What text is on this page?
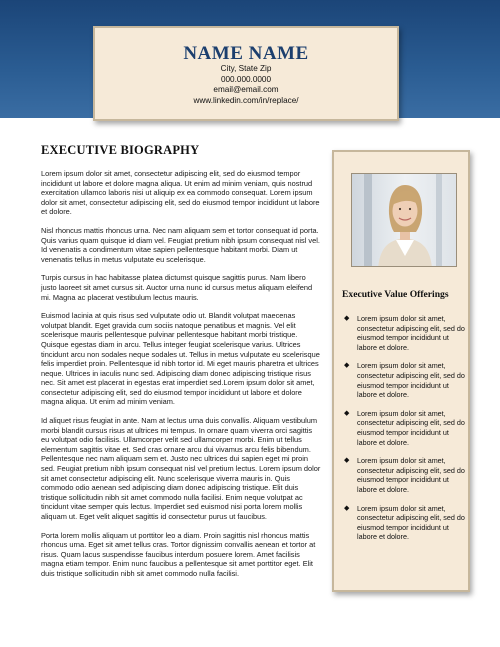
NAME NAME
City, State Zip
000.000.0000
email@email.com
www.linkedin.com/in/replace/
EXECUTIVE BIOGRAPHY

Lorem ipsum dolor sit amet, consectetur adipiscing elit, sed do eiusmod tempor incididunt ut labore et dolore magna aliqua. Ut enim ad minim veniam, quis nostrud exercitation ullamco laboris nisi ut aliquip ex ea commodo consequat. Lorem ipsum dolor sit amet, consectetur adipiscing elit, sed do eiusmod tempor incididunt ut labore et dolore.

Nisl rhoncus mattis rhoncus urna. Nec nam aliquam sem et tortor consequat id porta. Quis varius quam quisque id diam vel. Feugiat pretium nibh ipsum consequat nisl vel. Id venenatis a condimentum vitae sapien pellentesque habitant morbi. Diam ut venenatis tellus in metus vulputate eu scelerisque.

Turpis cursus in hac habitasse platea dictumst quisque sagittis purus. Nam libero justo laoreet sit amet cursus sit. Auctor urna nunc id cursus metus aliquam eleifend mi. Magna ac placerat vestibulum lectus mauris.

Euismod lacinia at quis risus sed vulputate odio ut. Blandit volutpat maecenas volutpat blandit. Eget gravida cum sociis natoque penatibus et magnis. Vel elit scelerisque mauris pellentesque pulvinar pellentesque habitant morbi tristique. Quisque egestas diam in arcu. Tellus integer feugiat scelerisque varius. Ultrices tincidunt arcu non sodales neque sodales ut. Tellus in metus vulputate eu scelerisque felis imperdiet proin. Pellentesque id nibh tortor id. Mi eget mauris pharetra et ultrices neque. Ultrices in iaculis nunc sed. Adipiscing diam donec adipiscing tristique risus nec. Sit amet est placerat in egestas erat imperdiet sed.Lorem ipsum dolor sit amet, consectetur adipiscing elit, sed do eiusmod tempor incididunt ut labore et dolore magna aliqua. Ut enim ad minim veniam.

Id aliquet risus feugiat in ante. Nam at lectus urna duis convallis. Aliquam vestibulum morbi blandit cursus risus at ultrices mi tempus. In ornare quam viverra orci sagittis eu volutpat odio facilisis. Ullamcorper velit sed ullamcorper morbi. Enim ut tellus elementum sagittis vitae et. Sed cras ornare arcu dui vivamus arcu felis bibendum. Pellentesque nec nam aliquam sem et. Justo nec ultrices dui sapien eget mi proin sed. Feugiat pretium nibh ipsum consequat nisl vel pretium lectus. Lorem ipsum dolor sit amet consectetur adipiscing elit. Nunc scelerisque viverra mauris in. Quis commodo odio aenean sed adipiscing diam donec adipiscing tristique. Elit duis tristique sollicitudin nibh sit amet commodo nulla facilisi. Enim neque volutpat ac tincidunt vitae semper quis lectus. Imperdiet sed euismod nisi porta lorem mollis aliquam ut. Eget velit aliquet sagittis id consectetur purus ut faucibus.

Porta lorem mollis aliquam ut porttitor leo a diam. Proin sagittis nisl rhoncus mattis rhoncus urna. Eget sit amet tellus cras. Tortor dignissim convallis aenean et tortor at risus. Quam lacus suspendisse faucibus interdum posuere lorem. Amet facilisis magna etiam tempor. Enim nunc faucibus a pellentesque sit amet porttitor eget. Elit duis tristique sollicitudin nibh sit amet commodo nulla facilisi.

Executive Value Offerings
◆ Lorem ipsum dolor sit amet, consectetur adipiscing elit, sed do eiusmod tempor incididunt ut labore et dolore.
◆ Lorem ipsum dolor sit amet, consectetur adipiscing elit, sed do eiusmod tempor incididunt ut labore et dolore.
◆ Lorem ipsum dolor sit amet, consectetur adipiscing elit, sed do eiusmod tempor incididunt ut labore et dolore.
◆ Lorem ipsum dolor sit amet, consectetur adipiscing elit, sed do eiusmod tempor incididunt ut labore et dolore.
◆ Lorem ipsum dolor sit amet, consectetur adipiscing elit, sed do eiusmod tempor incididunt ut labore et dolore.
